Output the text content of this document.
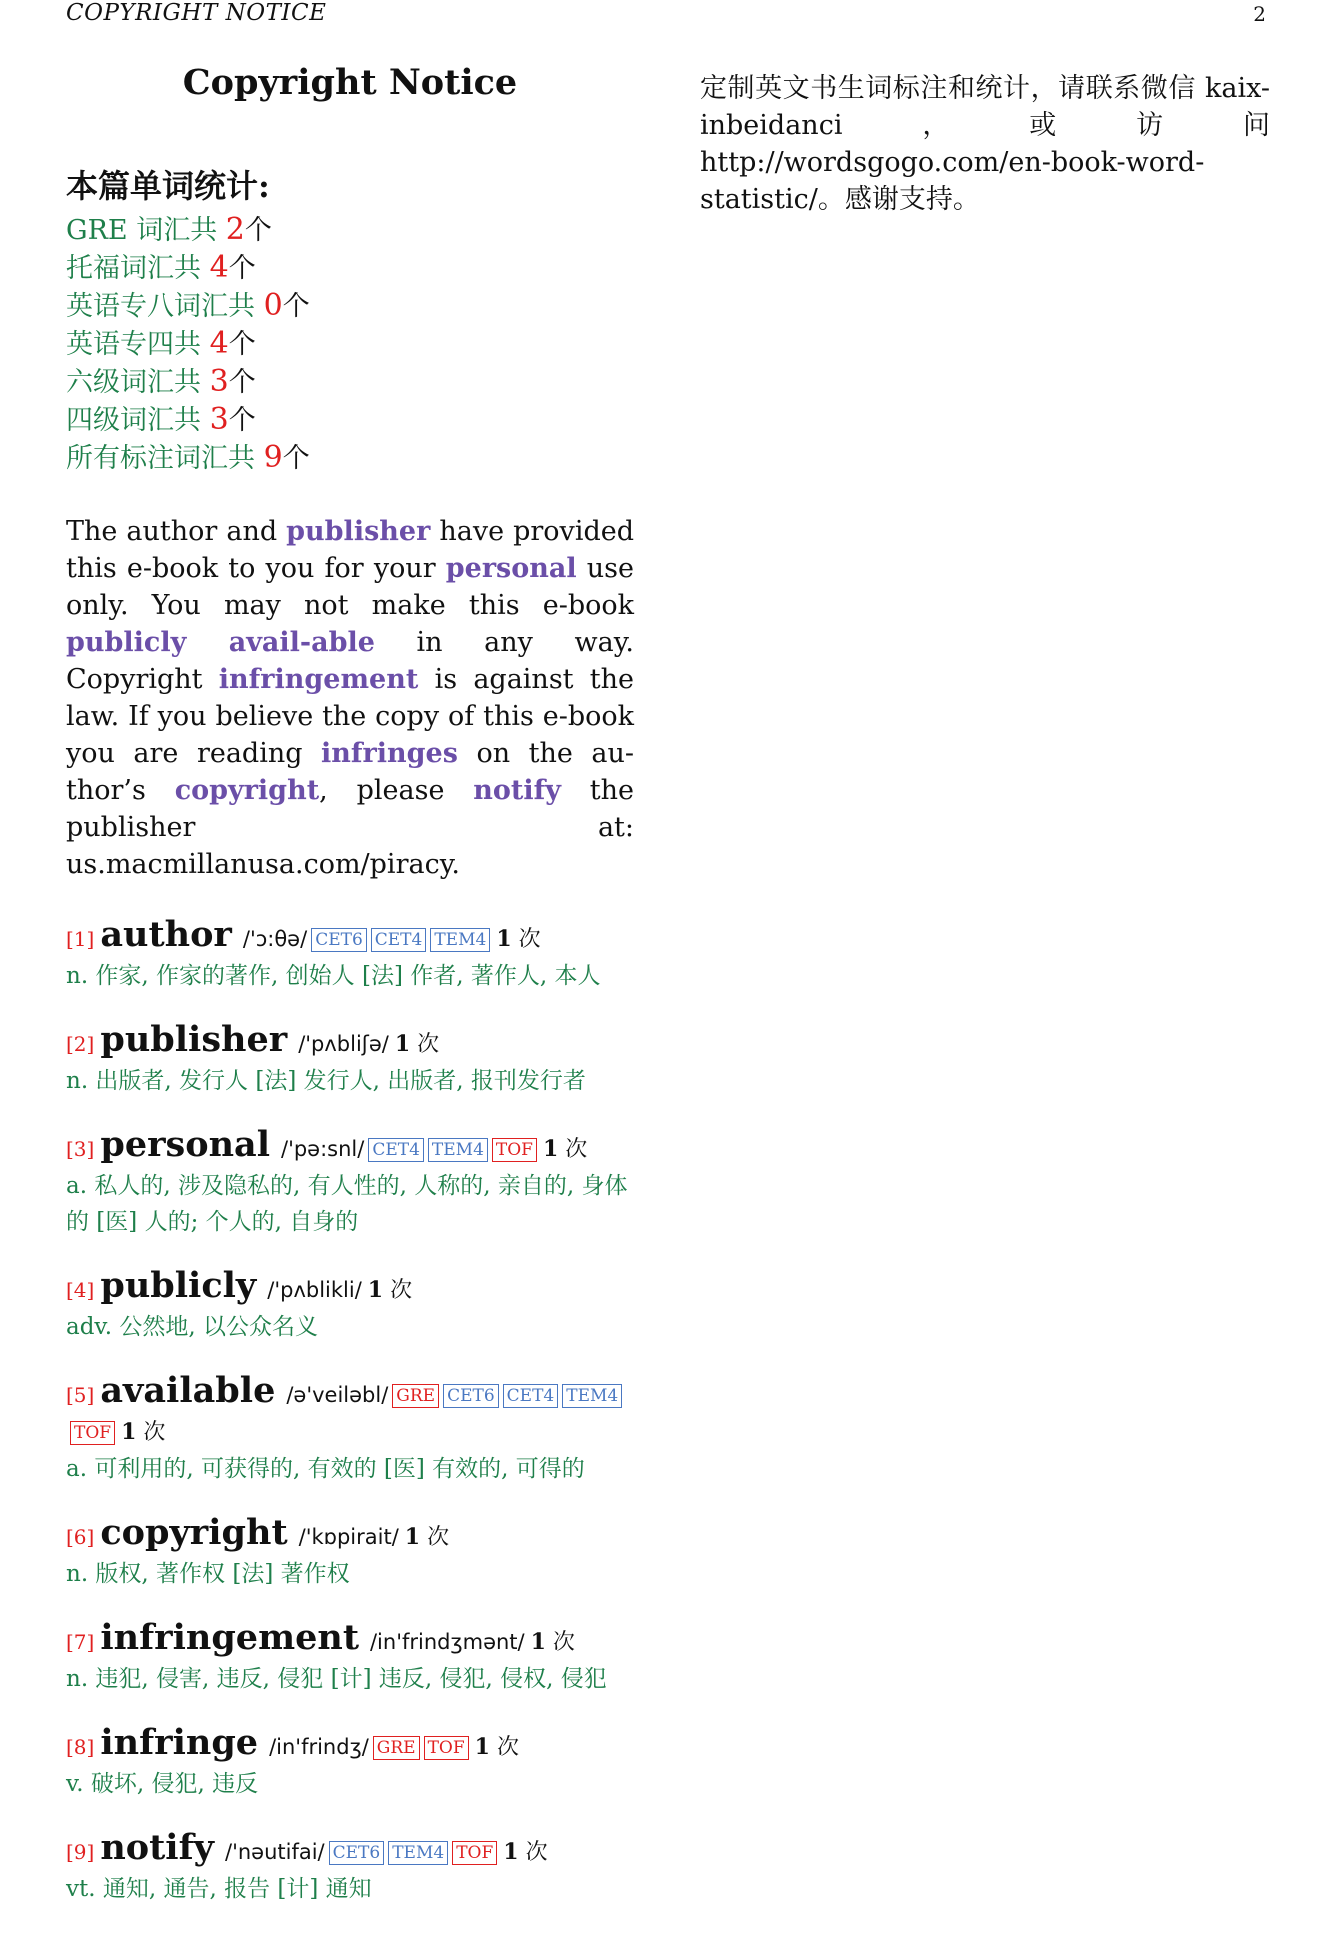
COPYRIGHT NOTICE	2
Copyright Notice
本篇单词统计:
GRE 词汇共 2个
托福词汇共 4个
英语专八词汇共 0个
英语专四共 4个
六级词汇共 3个
四级词汇共 3个
所有标注词汇共 9个
The author and publisher have provided this e-book to you for your personal use only. You may not make this e-book publicly avail-able in any way. Copyright infringement is against the law. If you believe the copy of this e-book you are reading infringes on the au-thor’s copyright, please notify the publisher at: us.macmillanusa.com/piracy.
[1] author /'ɔ:θə/ CET6 CET4 TEM4 1 次
n. 作家, 作家的著作, 创始人 [法] 作者, 著作人, 本人
[2] publisher /'pʌbliʃə/ 1 次
n. 出版者, 发行人 [法] 发行人, 出版者, 报刊发行者
[3] personal /'pə:snl/ CET4 TEM4 TOF 1 次
a. 私人的, 涉及隐私的, 有人性的, 人称的, 亲自的, 身体的 [医] 人的; 个人的, 自身的
[4] publicly /'pʌblikli/ 1 次
adv. 公然地, 以公众名义
[5] available /ə'veiləbl/ GRE CET6 CET4 TEM4TOF 1 次
a. 可利用的, 可获得的, 有效的 [医] 有效的, 可得的
[6] copyright /'kɒpirait/ 1 次
n. 版权, 著作权 [法] 著作权
[7] infringement /in'frindʒmənt/ 1 次
n. 违犯, 侵害, 违反, 侵犯 [计] 违反, 侵犯, 侵权, 侵犯
[8] infringe /in'frindʒ/ GRE TOF 1 次
v. 破坏, 侵犯, 违反
[9] notify /'nəutifai/ CET6 TEM4 TOF 1 次
vt. 通知, 通告, 报告 [计] 通知
定制英文书生词标注和统计，请联系微信 kaix-inbeidanci，或访问 http://wordsgogo.com/en-book-word-statistic/。感谢支持。
